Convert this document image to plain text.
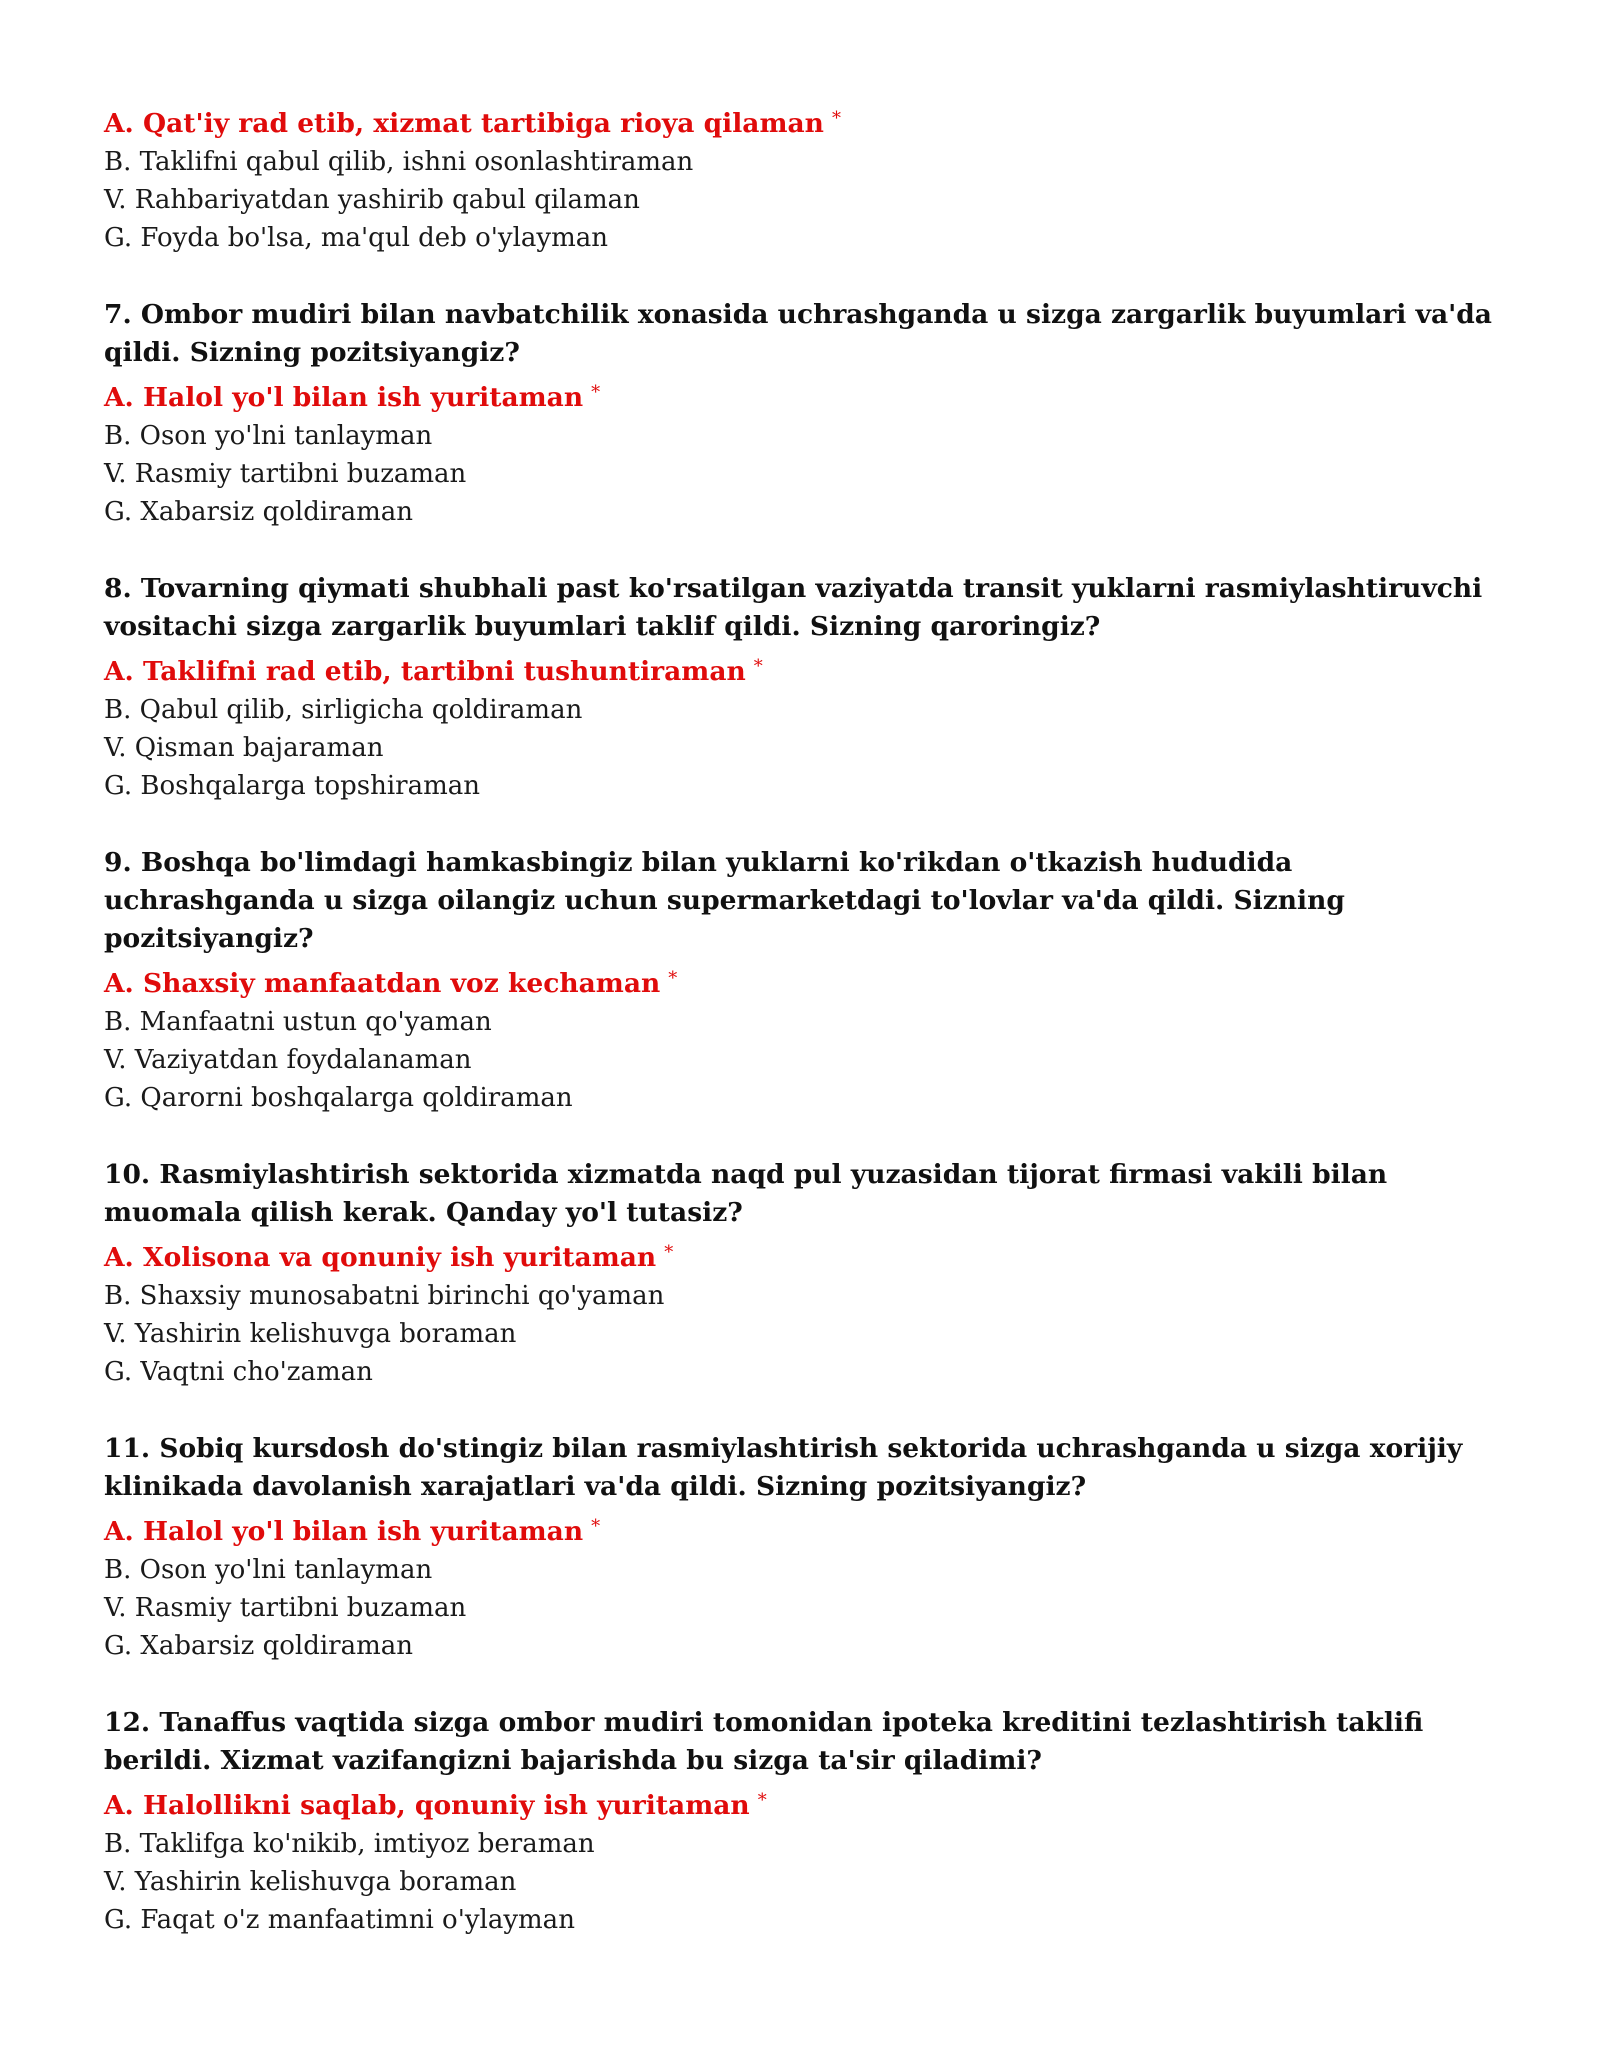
A. Qat'iy rad etib, xizmat tartibiga rioya qilaman *

B. Taklifni qabul qilib, ishni osonlashtiraman

V. Rahbariyatdan yashirib qabul qilaman

G. Foyda bo'lsa, ma'qul deb o'ylayman

7. Ombor mudiri bilan navbatchilik xonasida uchrashganda u sizga zargarlik buyumlari va'da qildi. Sizning pozitsiyangiz?

A. Halol yo'l bilan ish yuritaman *

B. Oson yo'lni tanlayman

V. Rasmiy tartibni buzaman

G. Xabarsiz qoldiraman

8. Tovarning qiymati shubhali past ko'rsatilgan vaziyatda transit yuklarni rasmiylashtiruvchi vositachi sizga zargarlik buyumlari taklif qildi. Sizning qaroringiz?

A. Taklifni rad etib, tartibni tushuntiraman *

B. Qabul qilib, sirligicha qoldiraman

V. Qisman bajaraman

G. Boshqalarga topshiraman

9. Boshqa bo'limdagi hamkasbingiz bilan yuklarni ko'rikdan o'tkazish hududida uchrashganda u sizga oilangiz uchun supermarketdagi to'lovlar va'da qildi. Sizning pozitsiyangiz?

A. Shaxsiy manfaatdan voz kechaman *

B. Manfaatni ustun qo'yaman

V. Vaziyatdan foydalanaman

G. Qarorni boshqalarga qoldiraman

10. Rasmiylashtirish sektorida xizmatda naqd pul yuzasidan tijorat firmasi vakili bilan muomala qilish kerak. Qanday yo'l tutasiz?

A. Xolisona va qonuniy ish yuritaman *

B. Shaxsiy munosabatni birinchi qo'yaman

V. Yashirin kelishuvga boraman

G. Vaqtni cho'zaman

11. Sobiq kursdosh do'stingiz bilan rasmiylashtirish sektorida uchrashganda u sizga xorijiy klinikada davolanish xarajatlari va'da qildi. Sizning pozitsiyangiz?

A. Halol yo'l bilan ish yuritaman *

B. Oson yo'lni tanlayman

V. Rasmiy tartibni buzaman

G. Xabarsiz qoldiraman

12. Tanaffus vaqtida sizga ombor mudiri tomonidan ipoteka kreditini tezlashtirish taklifi berildi. Xizmat vazifangizni bajarishda bu sizga ta'sir qiladimi?

A. Halollikni saqlab, qonuniy ish yuritaman *

B. Taklifga ko'nikib, imtiyoz beraman

V. Yashirin kelishuvga boraman

G. Faqat o'z manfaatimni o'ylayman
